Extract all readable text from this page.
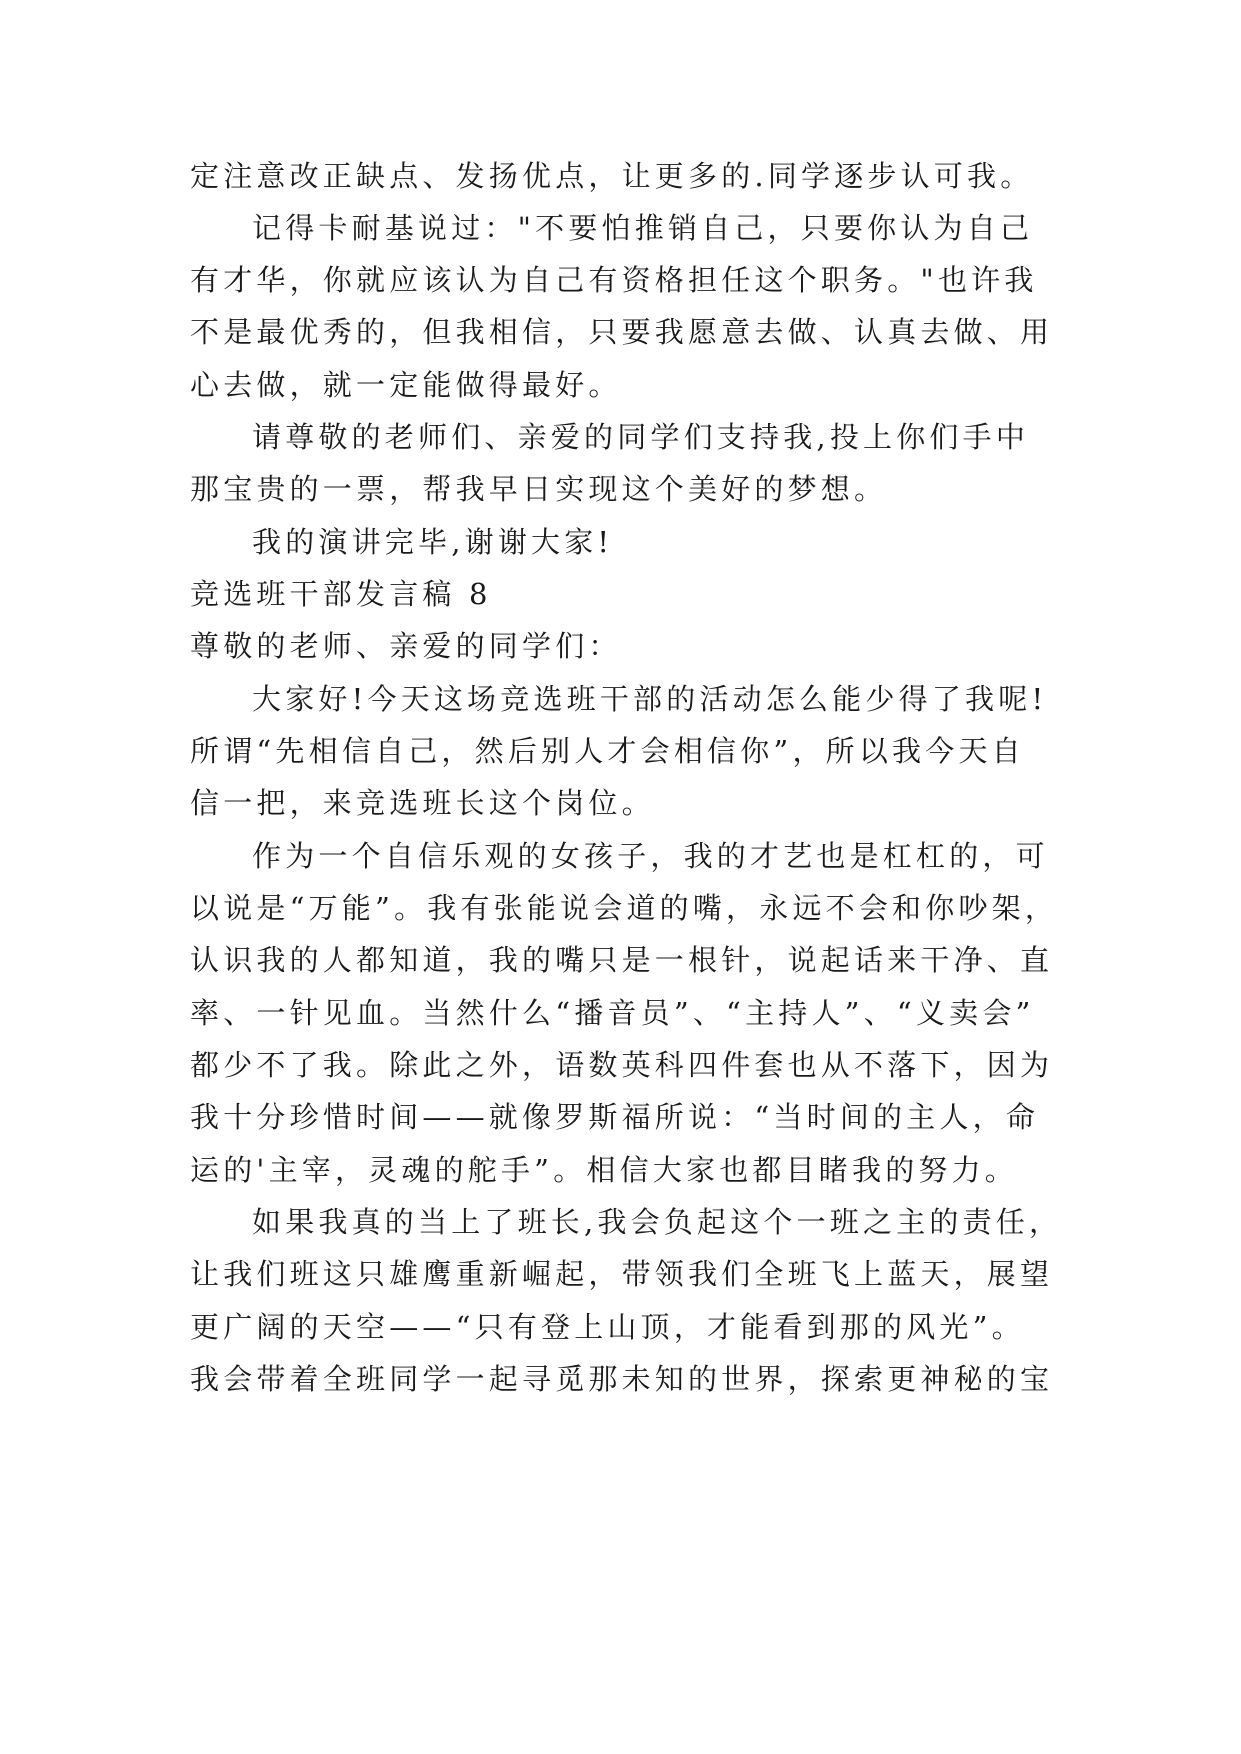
定注意改正缺点、发扬优点，让更多的.同学逐步认可我。
记得卡耐基说过："不要怕推销自己，只要你认为自己
有才华，你就应该认为自己有资格担任这个职务。"也许我
不是最优秀的，但我相信，只要我愿意去做、认真去做、用
心去做，就一定能做得最好。
请尊敬的老师们、亲爱的同学们支持我,投上你们手中
那宝贵的一票，帮我早日实现这个美好的梦想。
我的演讲完毕,谢谢大家!
竞选班干部发言稿 8
尊敬的老师、亲爱的同学们：
大家好!今天这场竞选班干部的活动怎么能少得了我呢!
所谓“先相信自己，然后别人才会相信你”，所以我今天自
信一把，来竞选班长这个岗位。
作为一个自信乐观的女孩子，我的才艺也是杠杠的，可
以说是“万能”。我有张能说会道的嘴，永远不会和你吵架，
认识我的人都知道，我的嘴只是一根针，说起话来干净、直
率、一针见血。当然什么“播音员”、“主持人”、“义卖会”
都少不了我。除此之外，语数英科四件套也从不落下，因为
我十分珍惜时间——就像罗斯福所说：“当时间的主人，命
运的'主宰，灵魂的舵手”。相信大家也都目睹我的努力。
如果我真的当上了班长,我会负起这个一班之主的责任，
让我们班这只雄鹰重新崛起，带领我们全班飞上蓝天，展望
更广阔的天空——“只有登上山顶，才能看到那的风光”。
我会带着全班同学一起寻觅那未知的世界，探索更神秘的宝
